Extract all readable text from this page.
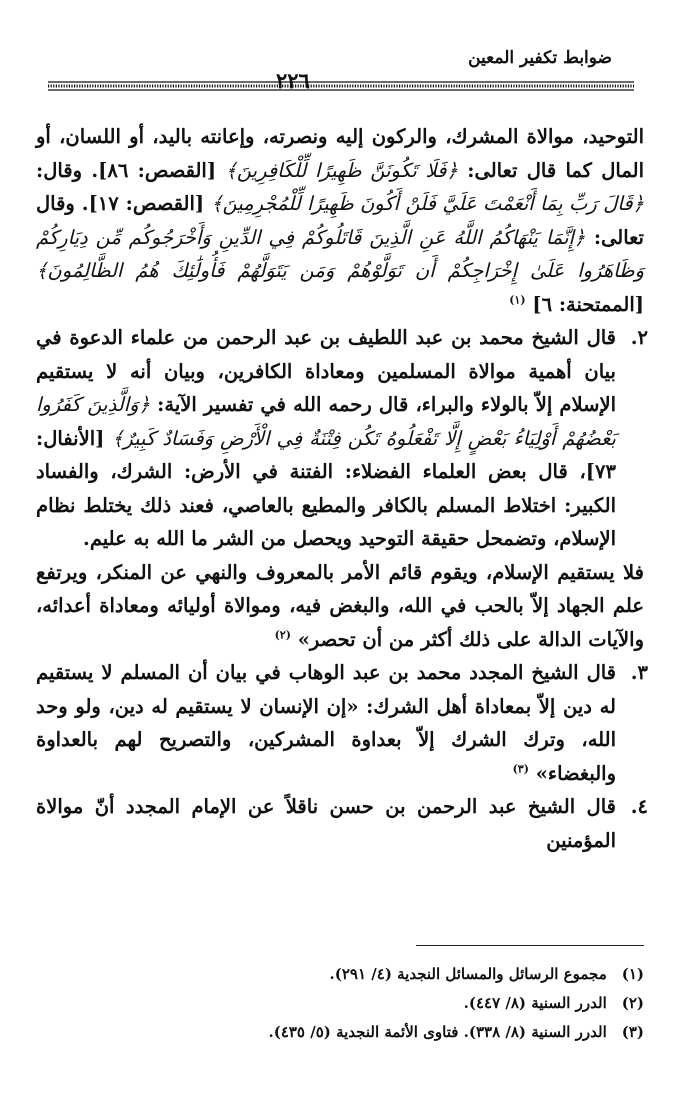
ضوابط تكفير المعين
٢٢٦

التوحيد، موالاة المشرك، والركون إليه ونصرته، وإعانته باليد، أو اللسان، أو المال كما قال تعالى: ﴿فَلَا تَكُونَنَّ ظَهِيرًا لِّلْكَافِرِينَ﴾ [القصص: ٨٦]. وقال: ﴿قَالَ رَبِّ بِمَا أَنْعَمْتَ عَلَيَّ فَلَنْ أَكُونَ ظَهِيرًا لِّلْمُجْرِمِينَ﴾ [القصص: ١٧]. وقال تعالى: ﴿إِنَّمَا يَنْهَاكُمُ اللَّهُ عَنِ الَّذِينَ قَاتَلُوكُمْ فِي الدِّينِ وَأَخْرَجُوكُم مِّن دِيَارِكُمْ وَظَاهَرُوا عَلَىٰ إِخْرَاجِكُمْ أَن تَوَلَّوْهُمْ وَمَن يَتَوَلَّهُمْ فَأُولَٰئِكَ هُمُ الظَّالِمُونَ﴾ [الممتحنة: ٦] $^{(١)}$

٢.
قال الشيخ محمد بن عبد اللطيف بن عبد الرحمن من علماء الدعوة في بيان أهمية موالاة المسلمين ومعاداة الكافرين، وبيان أنه لا يستقيم الإسلام إلاّ بالولاء والبراء، قال رحمه الله في تفسير الآية: ﴿وَالَّذِينَ كَفَرُوا بَعْضُهُمْ أَوْلِيَاءُ بَعْضٍ إِلَّا تَفْعَلُوهُ تَكُن فِتْنَةٌ فِي الْأَرْضِ وَفَسَادٌ كَبِيرٌ﴾ [الأنفال: ٧٣]، قال بعض العلماء الفضلاء: الفتنة في الأرض: الشرك، والفساد الكبير: اختلاط المسلم بالكافر والمطيع بالعاصي، فعند ذلك يختلط نظام الإسلام، وتضمحل حقيقة التوحيد ويحصل من الشر ما الله به عليم.

فلا يستقيم الإسلام، ويقوم قائم الأمر بالمعروف والنهي عن المنكر، ويرتفع علم الجهاد إلاّ بالحب في الله، والبغض فيه، وموالاة أوليائه ومعاداة أعدائه، والآيات الدالة على ذلك أكثر من أن تحصر» $^{(٢)}$

٣.
قال الشيخ المجدد محمد بن عبد الوهاب في بيان أن المسلم لا يستقيم له دين إلاّ بمعاداة أهل الشرك: «إن الإنسان لا يستقيم له دين، ولو وحد الله، وترك الشرك إلاّ بعداوة المشركين، والتصريح لهم بالعداوة والبغضاء» $^{(٣)}$
٤.
قال الشيخ عبد الرحمن بن حسن ناقلاً عن الإمام المجدد أنّ موالاة المؤمنين
(١) مجموع الرسائل والمسائل النجدية (٤/ ٢٩١).
(٢) الدرر السنية (٨/ ٤٤٧).
(٣) الدرر السنية (٨/ ٣٣٨). فتاوى الأئمة النجدية (٥/ ٤٣٥).
